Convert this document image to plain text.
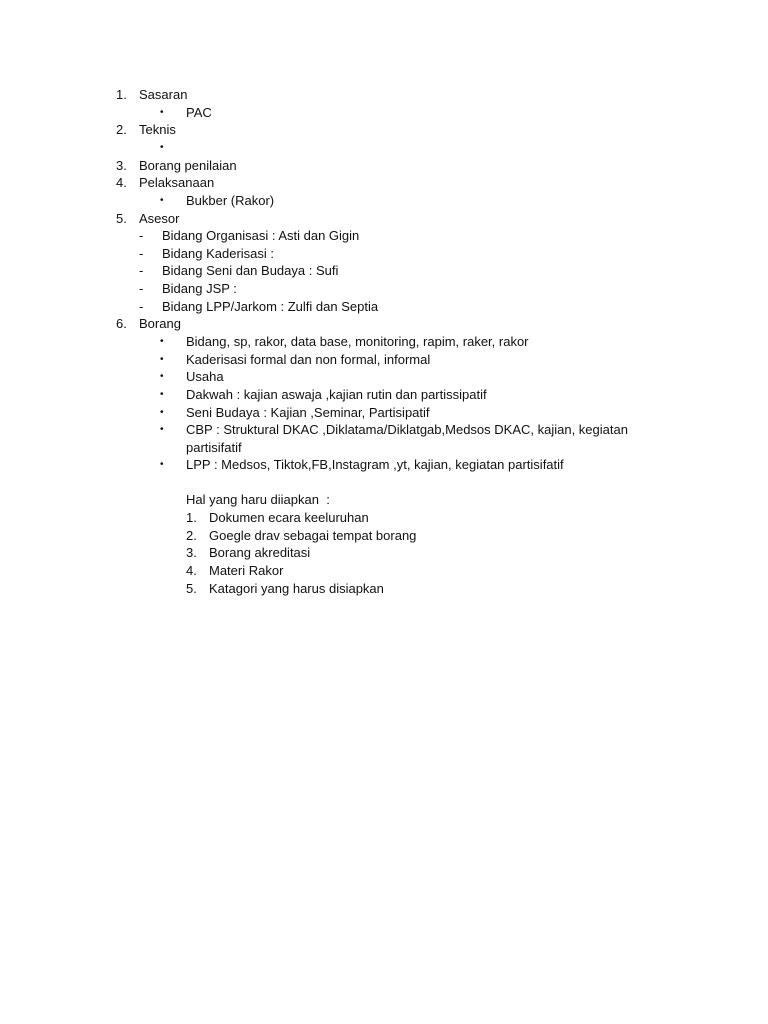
1. Sasaran
• PAC
2. Teknis
•
3. Borang penilaian
4. Pelaksanaan
• Bukber (Rakor)
5. Asesor
- Bidang Organisasi : Asti dan Gigin
- Bidang Kaderisasi :
- Bidang Seni dan Budaya : Sufi
- Bidang JSP :
- Bidang LPP/Jarkom : Zulfi dan Septia
6. Borang
• Bidang, sp, rakor, data base, monitoring, rapim, raker, rakor
• Kaderisasi formal dan non formal, informal
• Usaha
• Dakwah : kajian aswaja ,kajian rutin dan partissipatif
• Seni Budaya : Kajian ,Seminar, Partisipatif
• CBP : Struktural DKAC ,Diklatama/Diklatgab,Medsos DKAC, kajian, kegiatan
partisifatif
• LPP : Medsos, Tiktok,FB,Instagram ,yt, kajian, kegiatan partisifatif
Hal yang haru diiapkan  :
1. Dokumen ecara keeluruhan
2. Goegle drav sebagai tempat borang
3. Borang akreditasi
4. Materi Rakor
5. Katagori yang harus disiapkan
